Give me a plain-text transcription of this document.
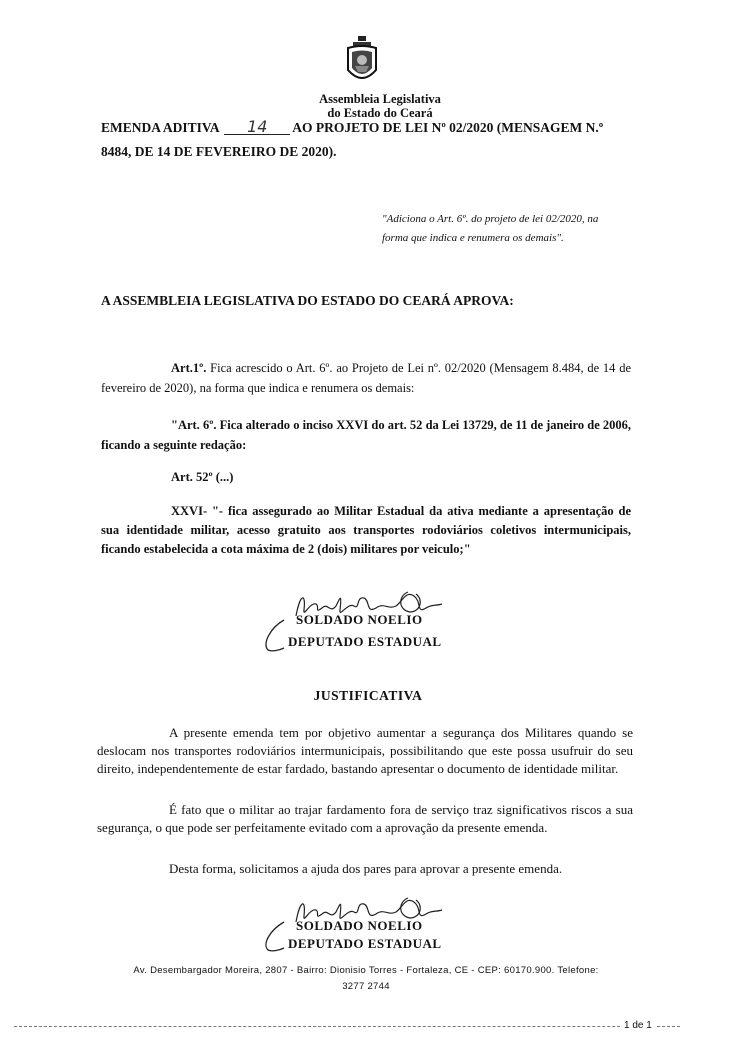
Assembleia Legislativa
do Estado do Ceará
EMENDA ADITIVA 14 AO PROJETO DE LEI Nº 02/2020 (MENSAGEM N.º
8484, DE 14 DE FEVEREIRO DE 2020).
"Adiciona o Art. 6º. do projeto de lei 02/2020, na
forma que indica e renumera os demais".
A ASSEMBLEIA LEGISLATIVA DO ESTADO DO CEARÁ APROVA:
Art.1º. Fica acrescido o Art. 6º. ao Projeto de Lei nº. 02/2020 (Mensagem 8.484, de 14 de fevereiro de 2020), na forma que indica e renumera os demais:
"Art. 6º. Fica alterado o inciso XXVI do art. 52 da Lei 13729, de 11 de janeiro de 2006, ficando a seguinte redação:
Art. 52º (...)
XXVI- "- fica assegurado ao Militar Estadual da ativa mediante a apresentação de sua identidade militar, acesso gratuito aos transportes rodoviários coletivos intermunicipais, ficando estabelecida a cota máxima de 2 (dois) militares por veiculo;"
SOLDADO NOELIO
DEPUTADO ESTADUAL
JUSTIFICATIVA
A presente emenda tem por objetivo aumentar a segurança dos Militares quando se deslocam nos transportes rodoviários intermunicipais, possibilitando que este possa usufruir do seu direito, independentemente de estar fardado, bastando apresentar o documento de identidade militar.
É fato que o militar ao trajar fardamento fora de serviço traz significativos riscos a sua segurança, o que pode ser perfeitamente evitado com a aprovação da presente emenda.
Desta forma, solicitamos a ajuda dos pares para aprovar a presente emenda.
SOLDADO NOELIO
DEPUTADO ESTADUAL
Av. Desembargador Moreira, 2807 - Bairro: Dionisio Torres - Fortaleza, CE - CEP: 60170.900. Telefone:
3277 2744
1 de 1
